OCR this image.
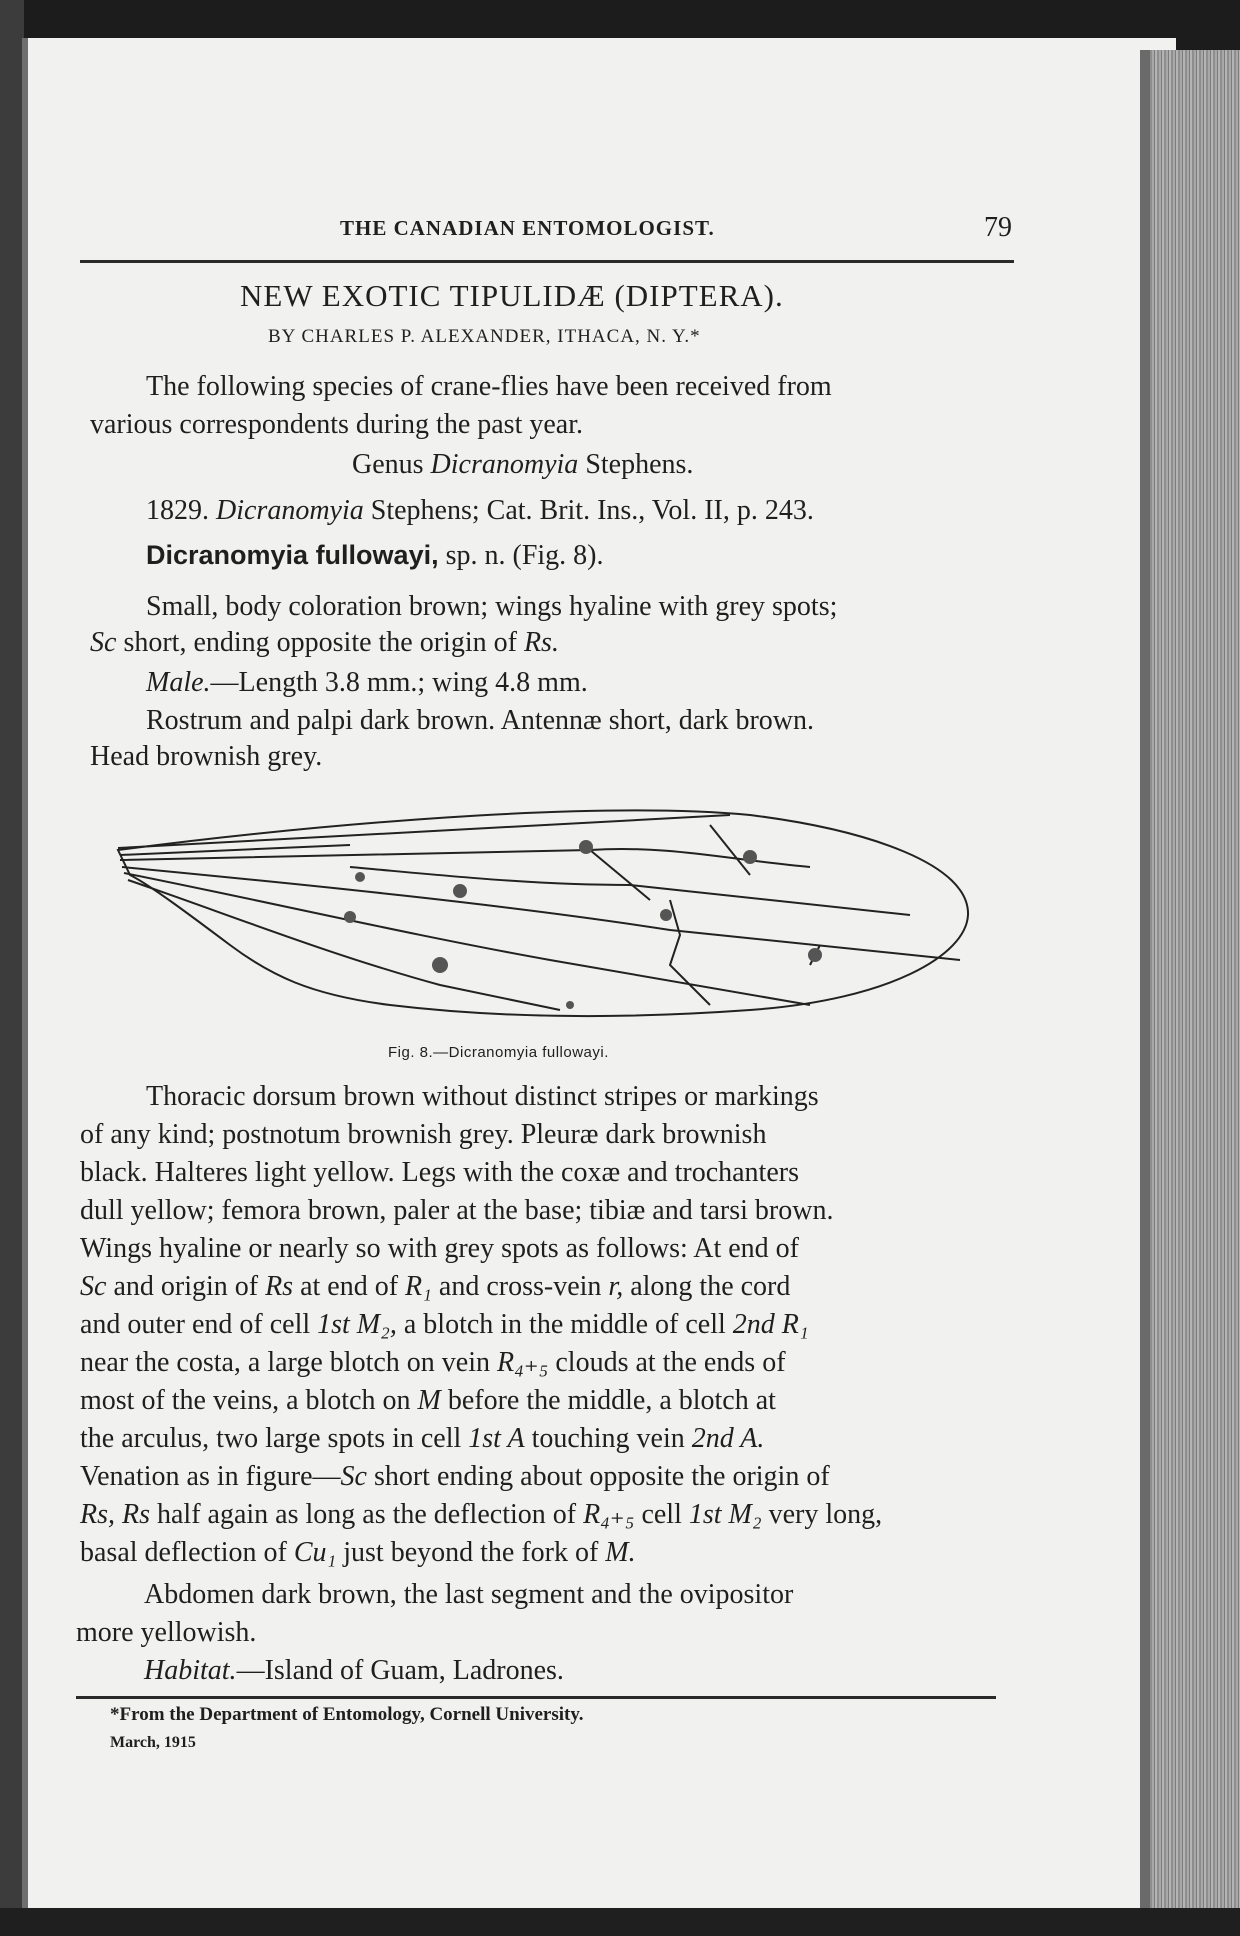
THE CANADIAN ENTOMOLOGIST.	79
NEW EXOTIC TIPULIDÆ (DIPTERA).
BY CHARLES P. ALEXANDER, ITHACA, N. Y.*
The following species of crane-flies have been received from
various correspondents during the past year.
Genus Dicranomyia Stephens.
1829. Dicranomyia Stephens; Cat. Brit. Ins., Vol. II, p. 243.
Dicranomyia fullowayi, sp. n. (Fig. 8).
Small, body coloration brown; wings hyaline with grey spots;
Sc short, ending opposite the origin of Rs.
Male.—Length 3.8 mm.; wing 4.8 mm.
Rostrum and palpi dark brown. Antennæ short, dark brown.
Head brownish grey.
Fig. 8.—Dicranomyia fullowayi.
Thoracic dorsum brown without distinct stripes or markings
of any kind; postnotum brownish grey. Pleuræ dark brownish
black. Halteres light yellow. Legs with the coxæ and trochanters
dull yellow; femora brown, paler at the base; tibiæ and tarsi brown.
Wings hyaline or nearly so with grey spots as follows: At end of
Sc and origin of Rs at end of R₁ and cross-vein r, along the cord
and outer end of cell 1st M₂, a blotch in the middle of cell 2nd R₁
near the costa, a large blotch on vein R₄₊₅ clouds at the ends of
most of the veins, a blotch on M before the middle, a blotch at
the arculus, two large spots in cell 1st A touching vein 2nd A.
Venation as in figure—Sc short ending about opposite the origin of
Rs, Rs half again as long as the deflection of R₄₊₅ cell 1st M₂ very long,
basal deflection of Cu₁ just beyond the fork of M.
Abdomen dark brown, the last segment and the ovipositor
more yellowish.
Habitat.—Island of Guam, Ladrones.
*From the Department of Entomology, Cornell University.
March, 1915
